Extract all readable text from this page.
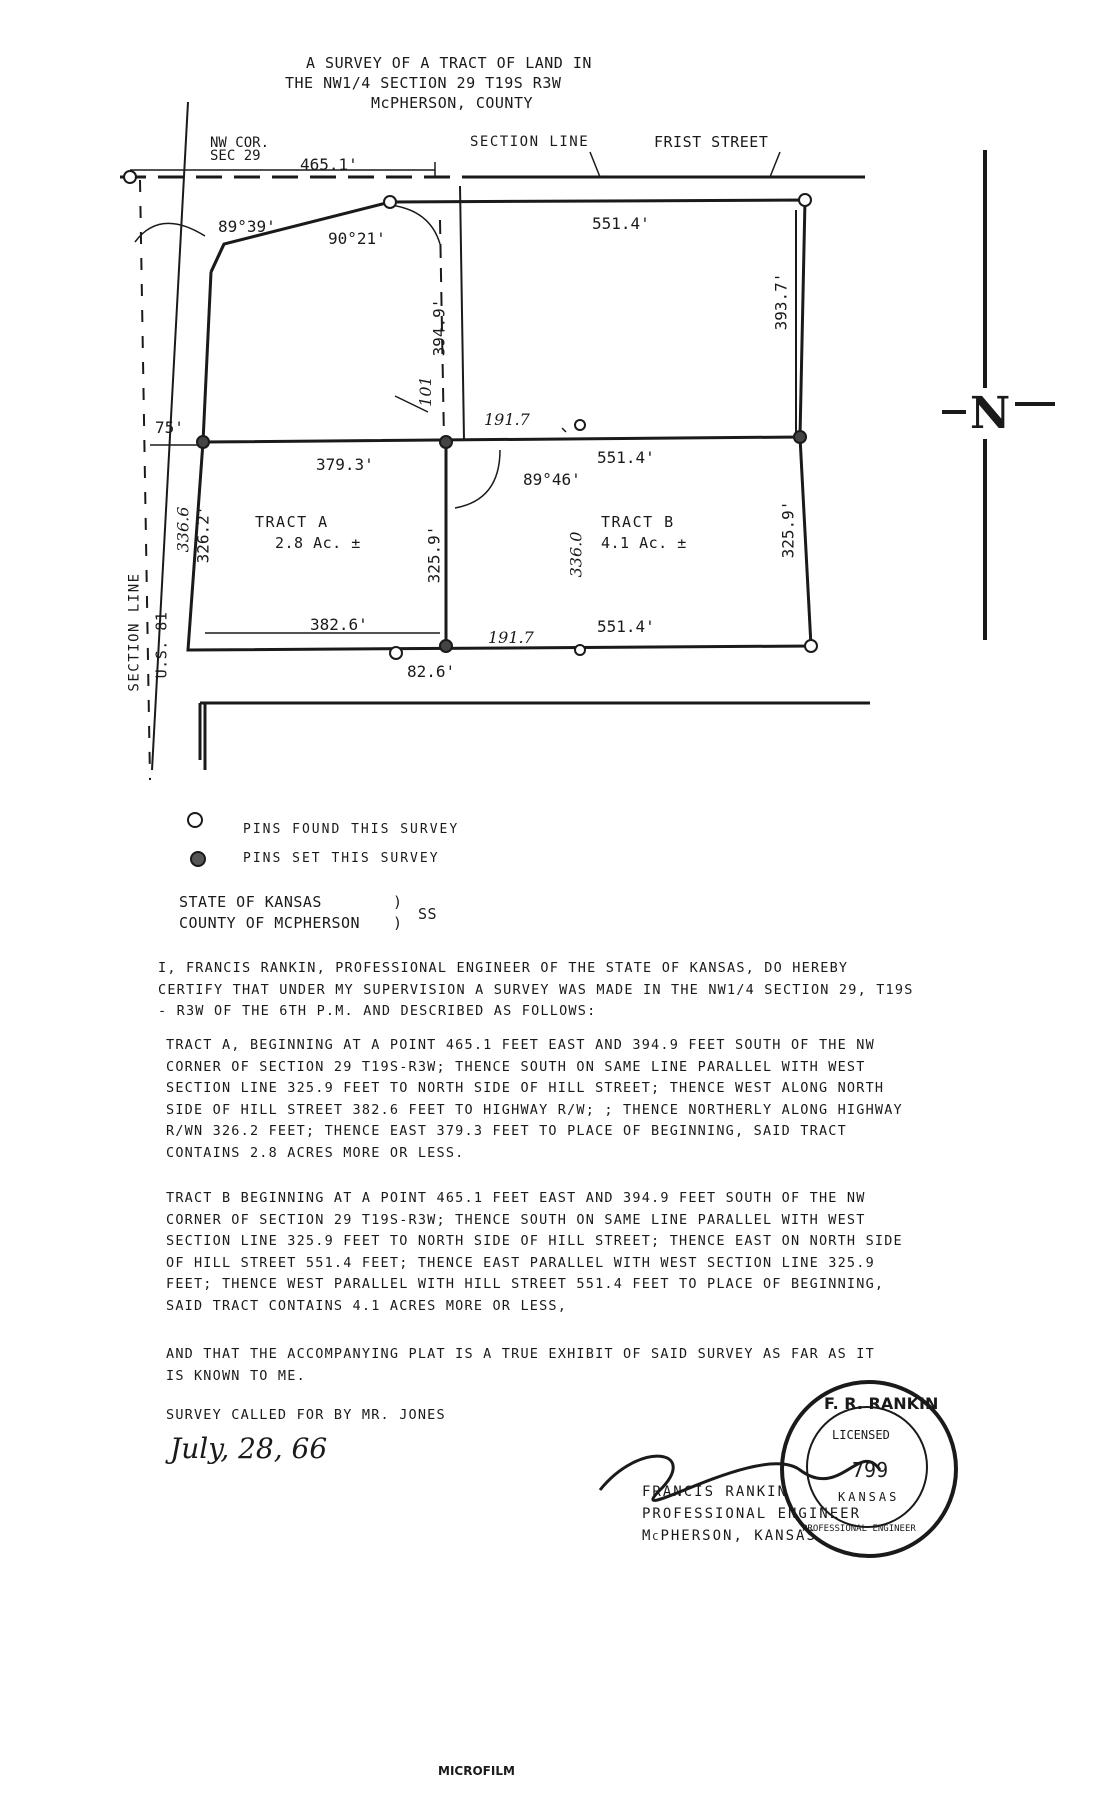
A SURVEY OF A TRACT OF LAND IN
THE NW1/4 SECTION 29 T19S R3W
McPHERSON, COUNTY
NW COR.
SEC 29
SECTION LINE	FRIST STREET
465.1'
89°39'
90°21'
551.4'
393.7'
394.9'
101
75'	191.7
379.3'	551.4'
89°46'
TRACT A
2.8 Ac. ±
TRACT B
4.1 Ac. ±
336.6 326.2'	325.9'	336.0	325.9'
382.6'
191.7
551.4'
82.6'
SECTION LINE U.S. 81
N
PINS FOUND THIS SURVEY
PINS SET THIS SURVEY
STATE OF KANSAS	)
COUNTY OF MCPHERSON ) SS
I, FRANCIS RANKIN, PROFESSIONAL ENGINEER OF THE STATE OF KANSAS, DO HEREBY CERTIFY THAT UNDER MY SUPERVISION A SURVEY WAS MADE IN THE NW1/4 SECTION 29, T19S - R3W OF THE 6TH P.M. AND DESCRIBED AS FOLLOWS:
TRACT A, BEGINNING AT A POINT 465.1 FEET EAST AND 394.9 FEET SOUTH OF THE NW CORNER OF SECTION 29 T19S-R3W; THENCE SOUTH ON SAME LINE PARALLEL WITH WEST SECTION LINE 325.9 FEET TO NORTH SIDE OF HILL STREET; THENCE WEST ALONG NORTH SIDE OF HILL STREET 382.6 FEET TO HIGHWAY R/W; ; THENCE NORTHERLY ALONG HIGHWAY R/WN 326.2 FEET; THENCE EAST 379.3 FEET TO PLACE OF BEGINNING, SAID TRACT CONTAINS 2.8 ACRES MORE OR LESS.
TRACT B BEGINNING AT A POINT 465.1 FEET EAST AND 394.9 FEET SOUTH OF THE NW CORNER OF SECTION 29 T19S-R3W; THENCE SOUTH ON SAME LINE PARALLEL WITH WEST SECTION LINE 325.9 FEET TO NORTH SIDE OF HILL STREET; THENCE EAST ON NORTH SIDE OF HILL STREET 551.4 FEET; THENCE EAST PARALLEL WITH WEST SECTION LINE 325.9 FEET; THENCE WEST PARALLEL WITH HILL STREET 551.4 FEET TO PLACE OF BEGINNING, SAID TRACT CONTAINS 4.1 ACRES MORE OR LESS,
AND THAT THE ACCOMPANYING PLAT IS A TRUE EXHIBIT OF SAID SURVEY AS FAR AS IT IS KNOWN TO ME.
SURVEY CALLED FOR BY MR. JONES
July, 28, 66
FRANCIS RANKIN
PROFESSIONAL ENGINEER
McPHERSON, KANSAS
F. R. RANKIN
LICENSED
799
KANSAS
PROFESSIONAL ENGINEER
MICROFILM
